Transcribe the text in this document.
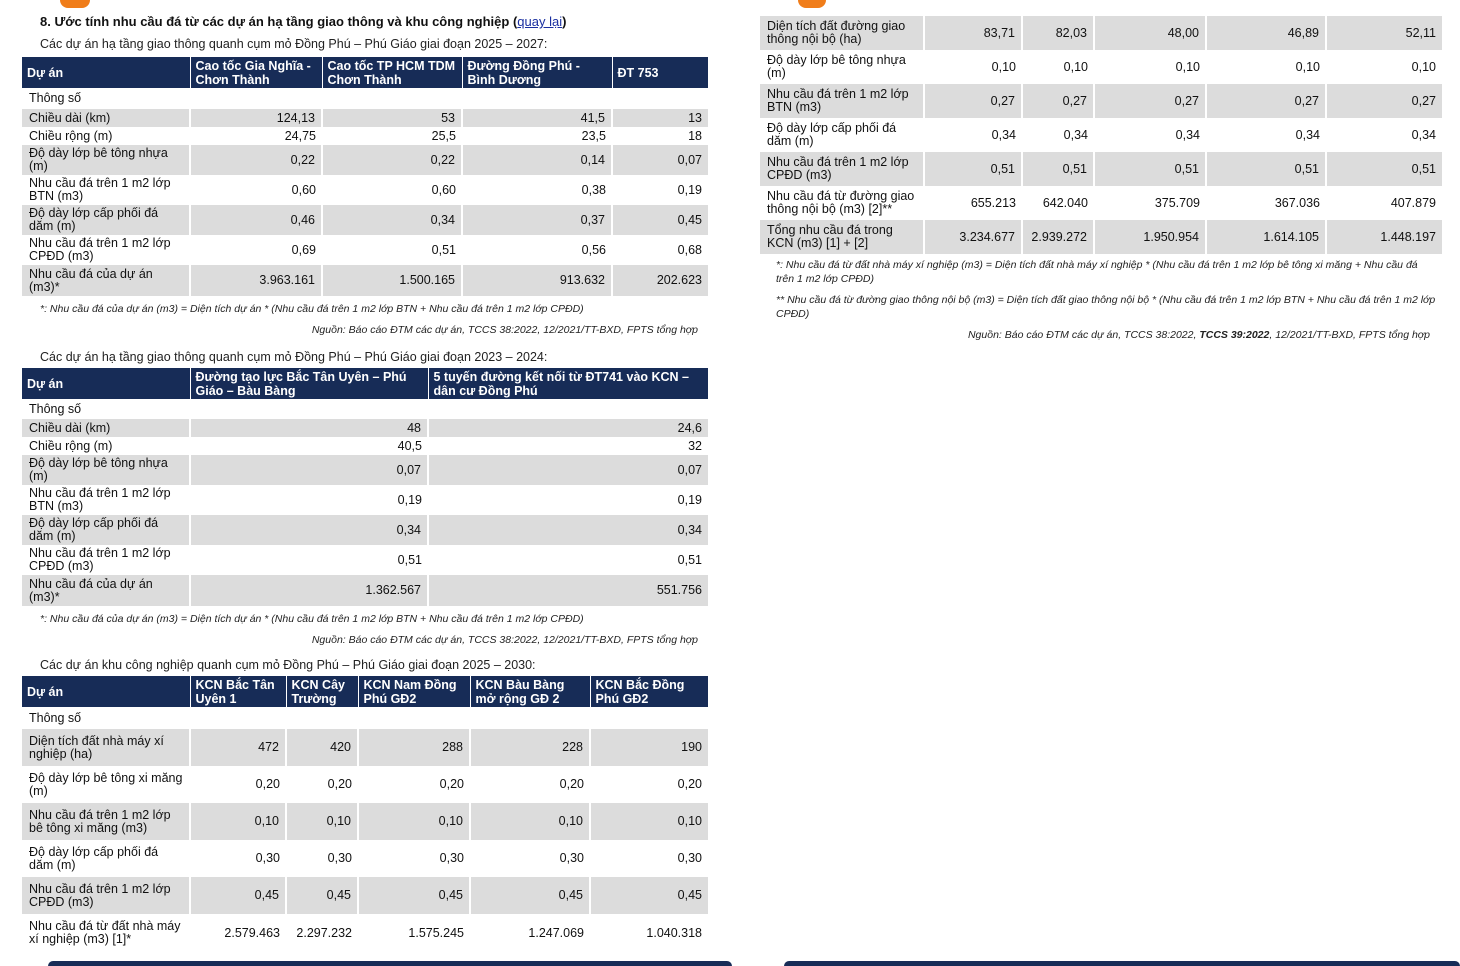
8. Ước tính nhu cầu đá từ các dự án hạ tầng giao thông và khu công nghiệp (quay lại)
Các dự án hạ tầng giao thông quanh cụm mỏ Đồng Phú – Phú Giáo giai đoạn 2025 – 2027:
Dự án	Cao tốc Gia Nghĩa - Chơn Thành	Cao tốc TP HCM TDM Chơn Thành	Đường Đồng Phú - Bình Dương	ĐT 753
Thông số				
Chiều dài (km)	124,13	53	41,5	13
Chiều rộng (m)	24,75	25,5	23,5	18
Độ dày lớp bê tông nhựa (m)	0,22	0,22	0,14	0,07
Nhu cầu đá trên 1 m2 lớp BTN (m3)	0,60	0,60	0,38	0,19
Độ dày lớp cấp phối đá dăm (m)	0,46	0,34	0,37	0,45
Nhu cầu đá trên 1 m2 lớp CPĐD (m3)	0,69	0,51	0,56	0,68
Nhu cầu đá của dự án (m3)*	3.963.161	1.500.165	913.632	202.623
*: Nhu cầu đá của dự án (m3) = Diện tích dự án * (Nhu cầu đá trên 1 m2 lớp BTN + Nhu cầu đá trên 1 m2 lớp CPĐD)
Nguồn: Báo cáo ĐTM các dự án, TCCS 38:2022, 12/2021/TT-BXD, FPTS tổng hợp
Các dự án hạ tầng giao thông quanh cụm mỏ Đồng Phú – Phú Giáo giai đoạn 2023 – 2024:
Dự án	Đường tạo lực Bắc Tân Uyên – Phú Giáo – Bàu Bàng	5 tuyến đường kết nối từ ĐT741 vào KCN – dân cư Đồng Phú
Thông số		
Chiều dài (km)	48	24,6
Chiều rộng (m)	40,5	32
Độ dày lớp bê tông nhựa (m)	0,07	0,07
Nhu cầu đá trên 1 m2 lớp BTN (m3)	0,19	0,19
Độ dày lớp cấp phối đá dăm (m)	0,34	0,34
Nhu cầu đá trên 1 m2 lớp CPĐD (m3)	0,51	0,51
Nhu cầu đá của dự án (m3)*	1.362.567	551.756
*: Nhu cầu đá của dự án (m3) = Diện tích dự án * (Nhu cầu đá trên 1 m2 lớp BTN + Nhu cầu đá trên 1 m2 lớp CPĐD)
Nguồn: Báo cáo ĐTM các dự án, TCCS 38:2022, 12/2021/TT-BXD, FPTS tổng hợp
Các dự án khu công nghiệp quanh cụm mỏ Đồng Phú – Phú Giáo giai đoạn 2025 – 2030:
Dự án	KCN Bắc Tân Uyên 1	KCN Cây Trường	KCN Nam Đồng Phú GĐ2	KCN Bàu Bàng mở rộng GĐ 2	KCN Bắc Đồng Phú GĐ2
Thông số					
Diện tích đất nhà máy xí nghiệp (ha)	472	420	288	228	190
Độ dày lớp bê tông xi măng (m)	0,20	0,20	0,20	0,20	0,20
Nhu cầu đá trên 1 m2 lớp bê tông xi măng (m3)	0,10	0,10	0,10	0,10	0,10
Độ dày lớp cấp phối đá dăm (m)	0,30	0,30	0,30	0,30	0,30
Nhu cầu đá trên 1 m2 lớp CPĐD (m3)	0,45	0,45	0,45	0,45	0,45
Nhu cầu đá từ đất nhà máy xí nghiệp (m3) [1]*	2.579.463	2.297.232	1.575.245	1.247.069	1.040.318
Diện tích đất đường giao thông nội bộ (ha)	83,71	82,03	48,00	46,89	52,11
Độ dày lớp bê tông nhựa (m)	0,10	0,10	0,10	0,10	0,10
Nhu cầu đá trên 1 m2 lớp BTN (m3)	0,27	0,27	0,27	0,27	0,27
Độ dày lớp cấp phối đá dăm (m)	0,34	0,34	0,34	0,34	0,34
Nhu cầu đá trên 1 m2 lớp CPĐD (m3)	0,51	0,51	0,51	0,51	0,51
Nhu cầu đá từ đường giao thông nội bộ (m3) [2]**	655.213	642.040	375.709	367.036	407.879
Tổng nhu cầu đá trong KCN (m3) [1] + [2]	3.234.677	2.939.272	1.950.954	1.614.105	1.448.197
*: Nhu cầu đá từ đất nhà máy xí nghiệp (m3) = Diện tích đất nhà máy xí nghiệp * (Nhu cầu đá trên 1 m2 lớp bê tông xi măng + Nhu cầu đá trên 1 m2 lớp CPĐD)
** Nhu cầu đá từ đường giao thông nội bộ (m3) = Diện tích đất giao thông nội bộ * (Nhu cầu đá trên 1 m2 lớp BTN + Nhu cầu đá trên 1 m2 lớp CPĐD)
Nguồn: Báo cáo ĐTM các dự án, TCCS 38:2022, TCCS 39:2022, 12/2021/TT-BXD, FPTS tổng hợp
